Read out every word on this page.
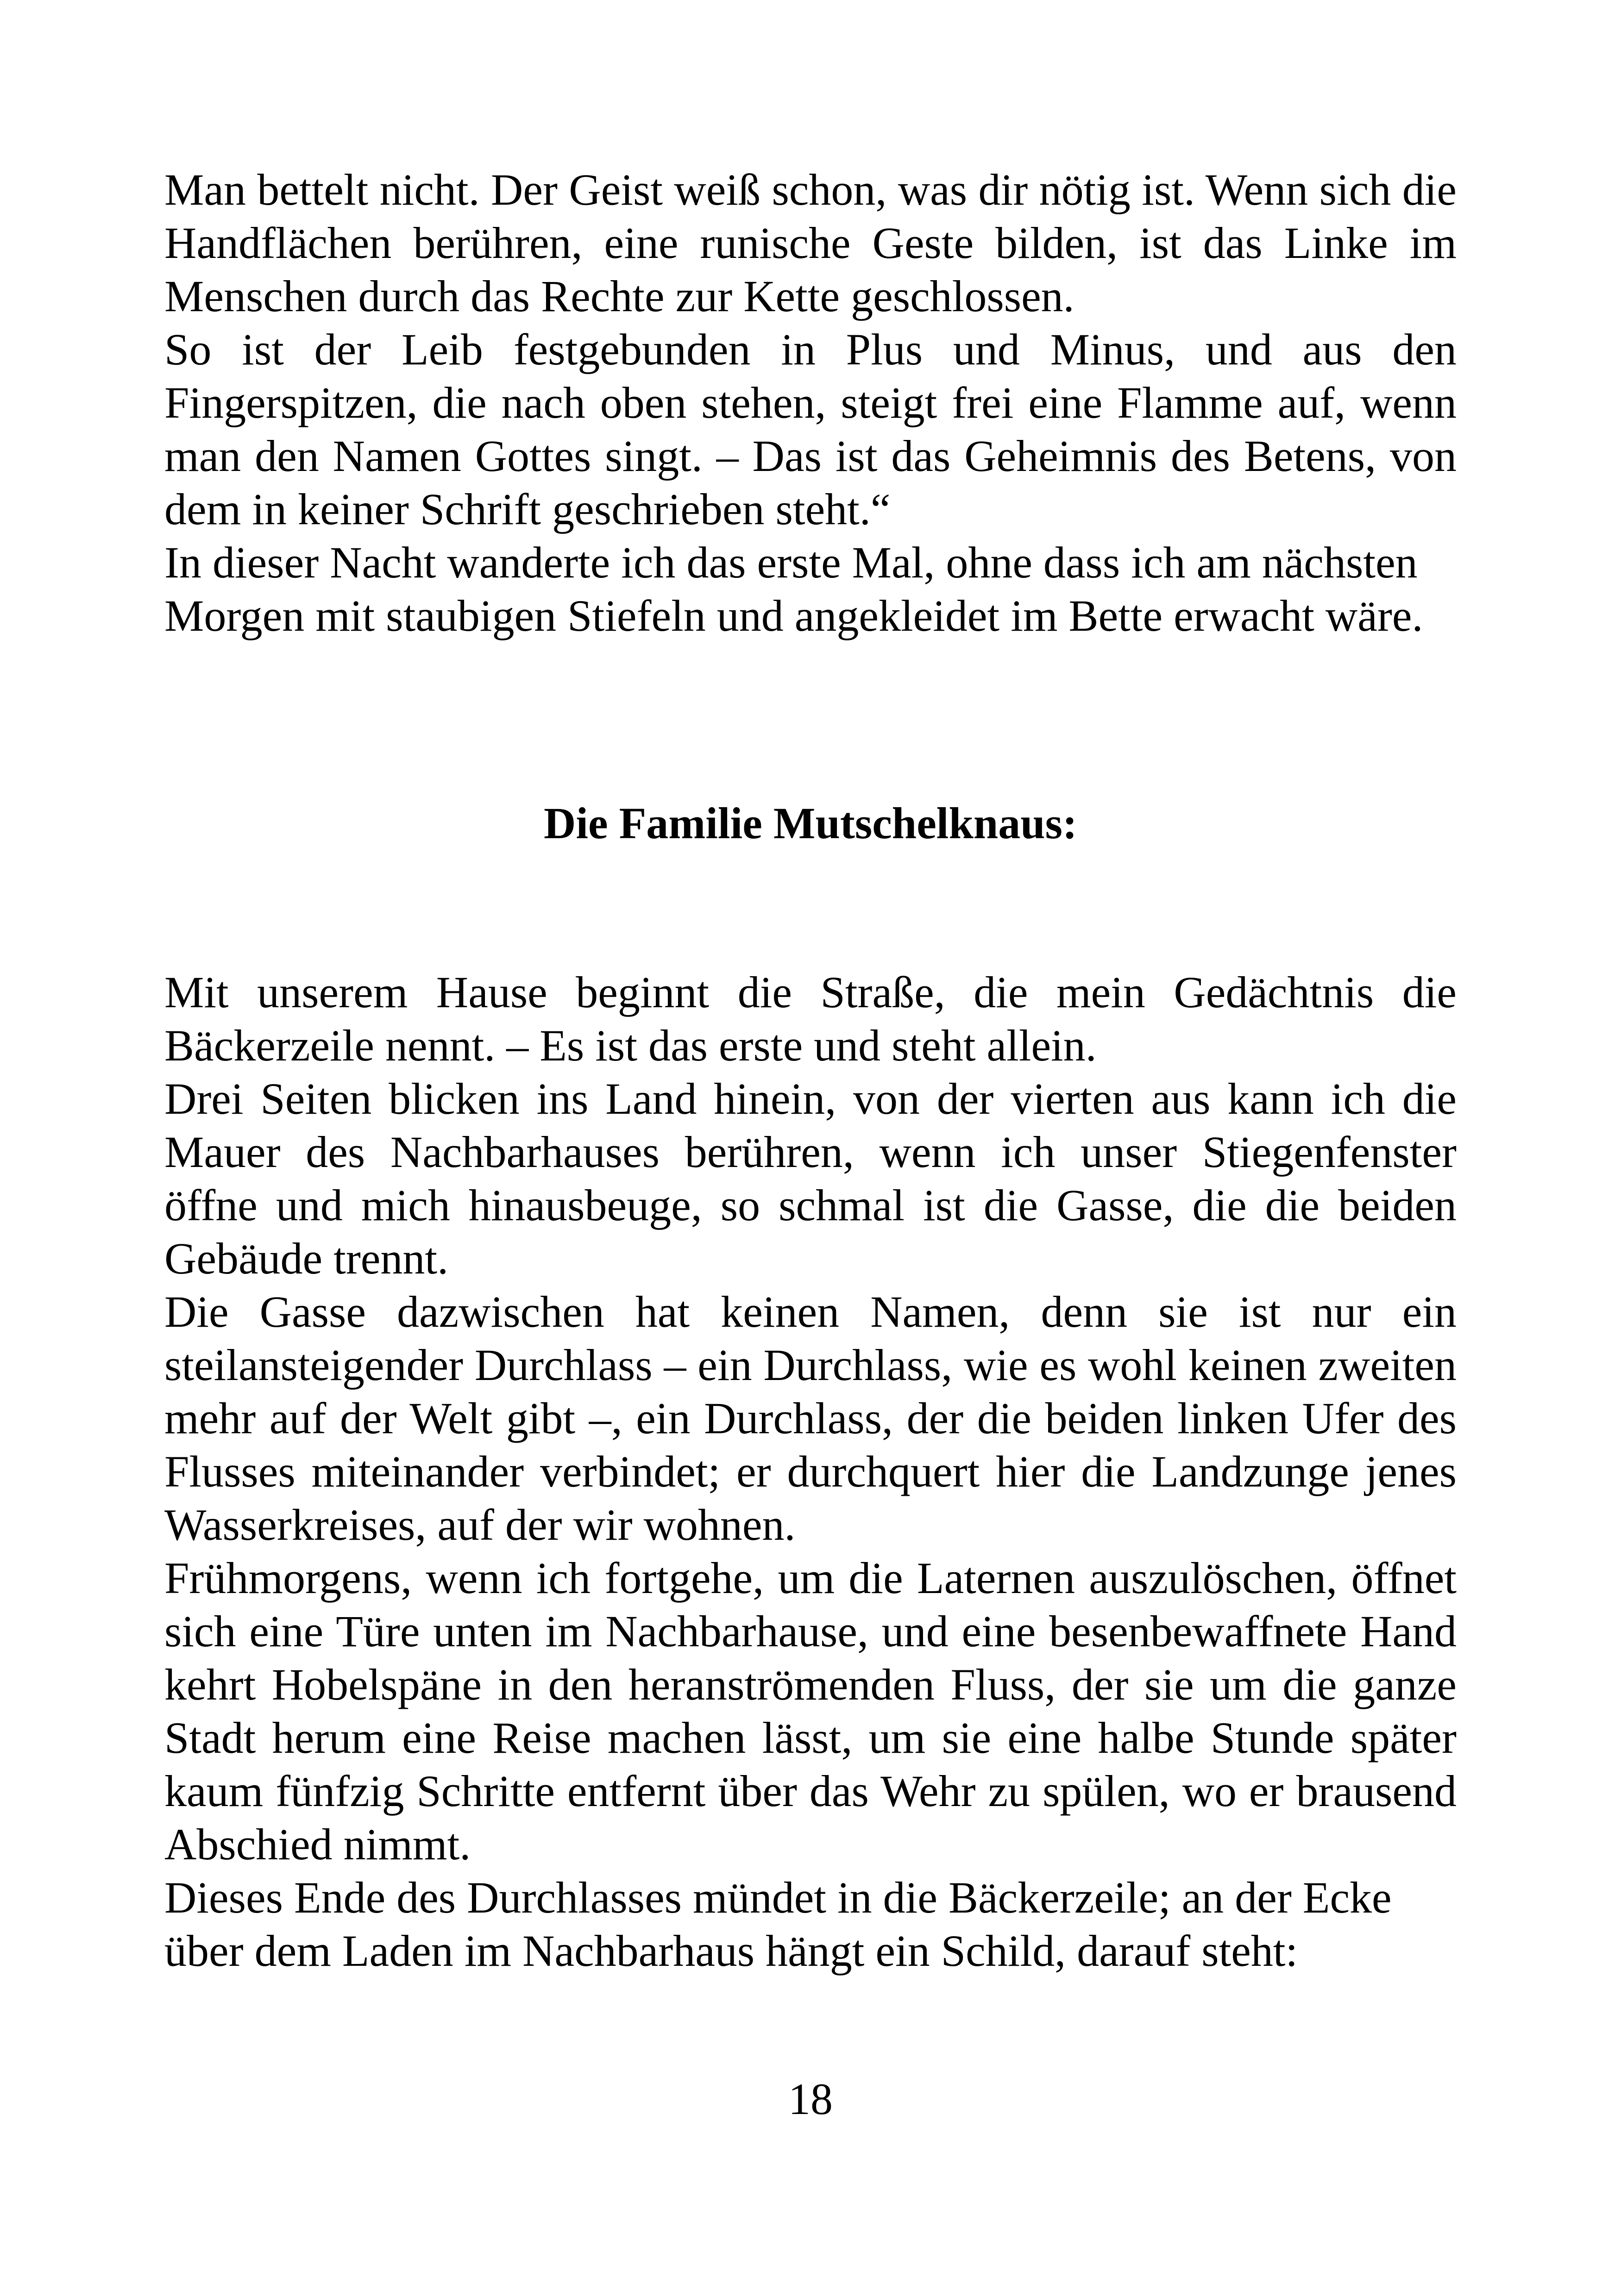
Man bettelt nicht. Der Geist weiß schon, was dir nötig ist. Wenn sich die Handflächen berühren, eine runische Geste bilden, ist das Linke im Menschen durch das Rechte zur Kette geschlossen.

So ist der Leib festgebunden in Plus und Minus, und aus den Fingerspitzen, die nach oben stehen, steigt frei eine Flamme auf, wenn man den Namen Gottes singt. – Das ist das Geheimnis des Betens, von dem in keiner Schrift geschrieben steht.“

In dieser Nacht wanderte ich das erste Mal, ohne dass ich am nächsten Morgen mit staubigen Stiefeln und angekleidet im Bette erwacht wäre.

Die Familie Mutschelknaus:

Mit unserem Hause beginnt die Straße, die mein Gedächtnis die Bäckerzeile nennt. – Es ist das erste und steht allein.

Drei Seiten blicken ins Land hinein, von der vierten aus kann ich die Mauer des Nachbarhauses berühren, wenn ich unser Stiegenfenster öffne und mich hinausbeuge, so schmal ist die Gasse, die die beiden Gebäude trennt.

Die Gasse dazwischen hat keinen Namen, denn sie ist nur ein steilansteigender Durchlass – ein Durchlass, wie es wohl keinen zweiten mehr auf der Welt gibt –, ein Durchlass, der die beiden linken Ufer des Flusses miteinander verbindet; er durchquert hier die Landzunge jenes Wasserkreises, auf der wir wohnen.

Frühmorgens, wenn ich fortgehe, um die Laternen auszulöschen, öffnet sich eine Türe unten im Nachbarhause, und eine besenbewaffnete Hand kehrt Hobelspäne in den heranströmenden Fluss, der sie um die ganze Stadt herum eine Reise machen lässt, um sie eine halbe Stunde später kaum fünfzig Schritte entfernt über das Wehr zu spülen, wo er brausend Abschied nimmt.

Dieses Ende des Durchlasses mündet in die Bäckerzeile; an der Ecke über dem Laden im Nachbarhaus hängt ein Schild, darauf steht:

18
